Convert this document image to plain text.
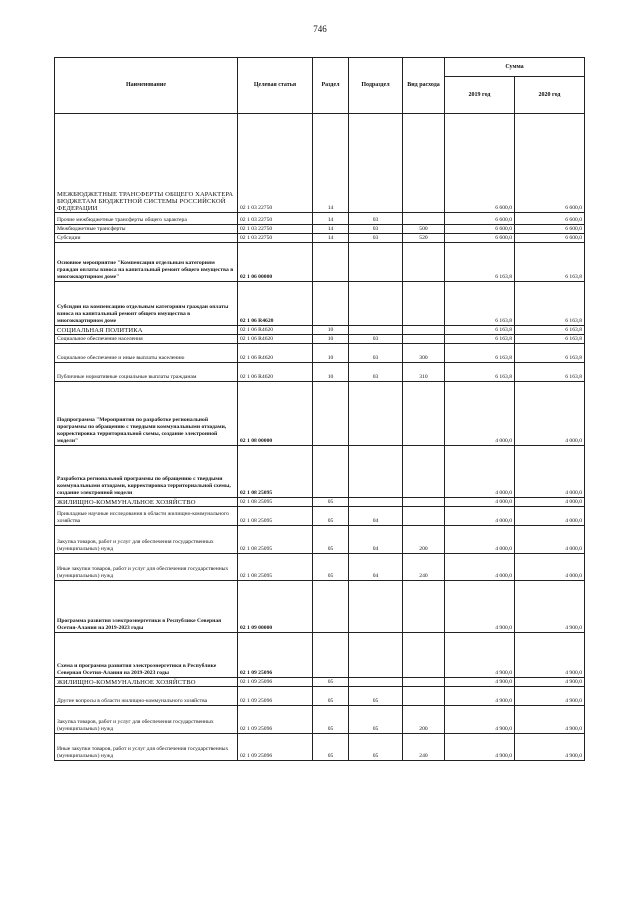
746
Наименование	Целевая статья	Раздел	Подраздел	Вид расхода	Сумма	
					2019 год	2020 год
МЕЖБЮДЖЕТНЫЕ ТРАНСФЕРТЫ ОБЩЕГО ХАРАКТЕРА БЮДЖЕТАМ БЮДЖЕТНОЙ СИСТЕМЫ РОССИЙСКОЙ ФЕДЕРАЦИИ	02 1 03 22750	14			6 600,0	6 600,0
Прочие межбюджетные трансферты общего характера	02 1 03 22750	14	03		6 600,0	6 600,0
Межбюджетные трансферты	02 1 03 22750	14	03	500	6 600,0	6 600,0
Субсидии	02 1 03 22750	14	03	520	6 600,0	6 600,0
Основное мероприятие "Компенсация отдельным категориям граждан оплаты взноса на капитальный ремонт общего имущества в многоквартирном доме"	02 1 06 00000				6 163,8	6 163,8
Субсидии на компенсацию отдельным категориям граждан оплаты взноса на капитальный ремонт общего имущества в многоквартирном доме	02 1 06 R4620				6 163,8	6 163,8
СОЦИАЛЬНАЯ ПОЛИТИКА	02 1 06 R4620	10			6 163,8	6 163,8
Социальное обеспечение населения	02 1 06 R4620	10	03		6 163,8	6 163,8
Социальное обеспечение и иные выплаты населению	02 1 06 R4620	10	03	300	6 163,8	6 163,8
Публичные нормативные социальные выплаты гражданам	02 1 06 R4620	10	03	310	6 163,8	6 163,8
Подпрограмма "Мероприятия по разработке региональной программы по обращению с твердыми коммунальными отходами, корректировка территориальной схемы, создание электронной модели"	02 1 08 00000				4 000,0	4 000,0
Разработка региональной программы по обращению с твердыми коммунальными отходами, корректировка территориальной схемы, создание электронной модели	02 1 08 25095				4 000,0	4 000,0
ЖИЛИЩНО-КОММУНАЛЬНОЕ ХОЗЯЙСТВО	02 1 08 25095	05			4 000,0	4 000,0
Прикладные научные исследования в области жилищно-коммунального хозяйства	02 1 08 25095	05	04		4 000,0	4 000,0
Закупка товаров, работ и услуг для обеспечения государственных (муниципальных) нужд	02 1 08 25095	05	04	200	4 000,0	4 000,0
Иные закупки товаров, работ и услуг для обеспечения государственных (муниципальных) нужд	02 1 08 25095	05	04	240	4 000,0	4 000,0
Программа развития электроэнергетики в Республике Северная Осетия-Алания на 2019-2023 годы	02 1 09 00000				4 900,0	4 900,0
Схема и программа развития электроэнергетики в Республике Северная Осетия-Алания на 2019-2023 годы	02 1 09 25096				4 900,0	4 900,0
ЖИЛИЩНО-КОММУНАЛЬНОЕ ХОЗЯЙСТВО	02 1 09 25096	05			4 900,0	4 900,0
Другие вопросы в области жилищно-коммунального хозяйства	02 1 09 25096	05	05		4 900,0	4 900,0
Закупка товаров, работ и услуг для обеспечения государственных (муниципальных) нужд	02 1 09 25096	05	05	200	4 900,0	4 900,0
Иные закупки товаров, работ и услуг для обеспечения государственных (муниципальных) нужд	02 1 09 25096	05	05	240	4 900,0	4 900,0
